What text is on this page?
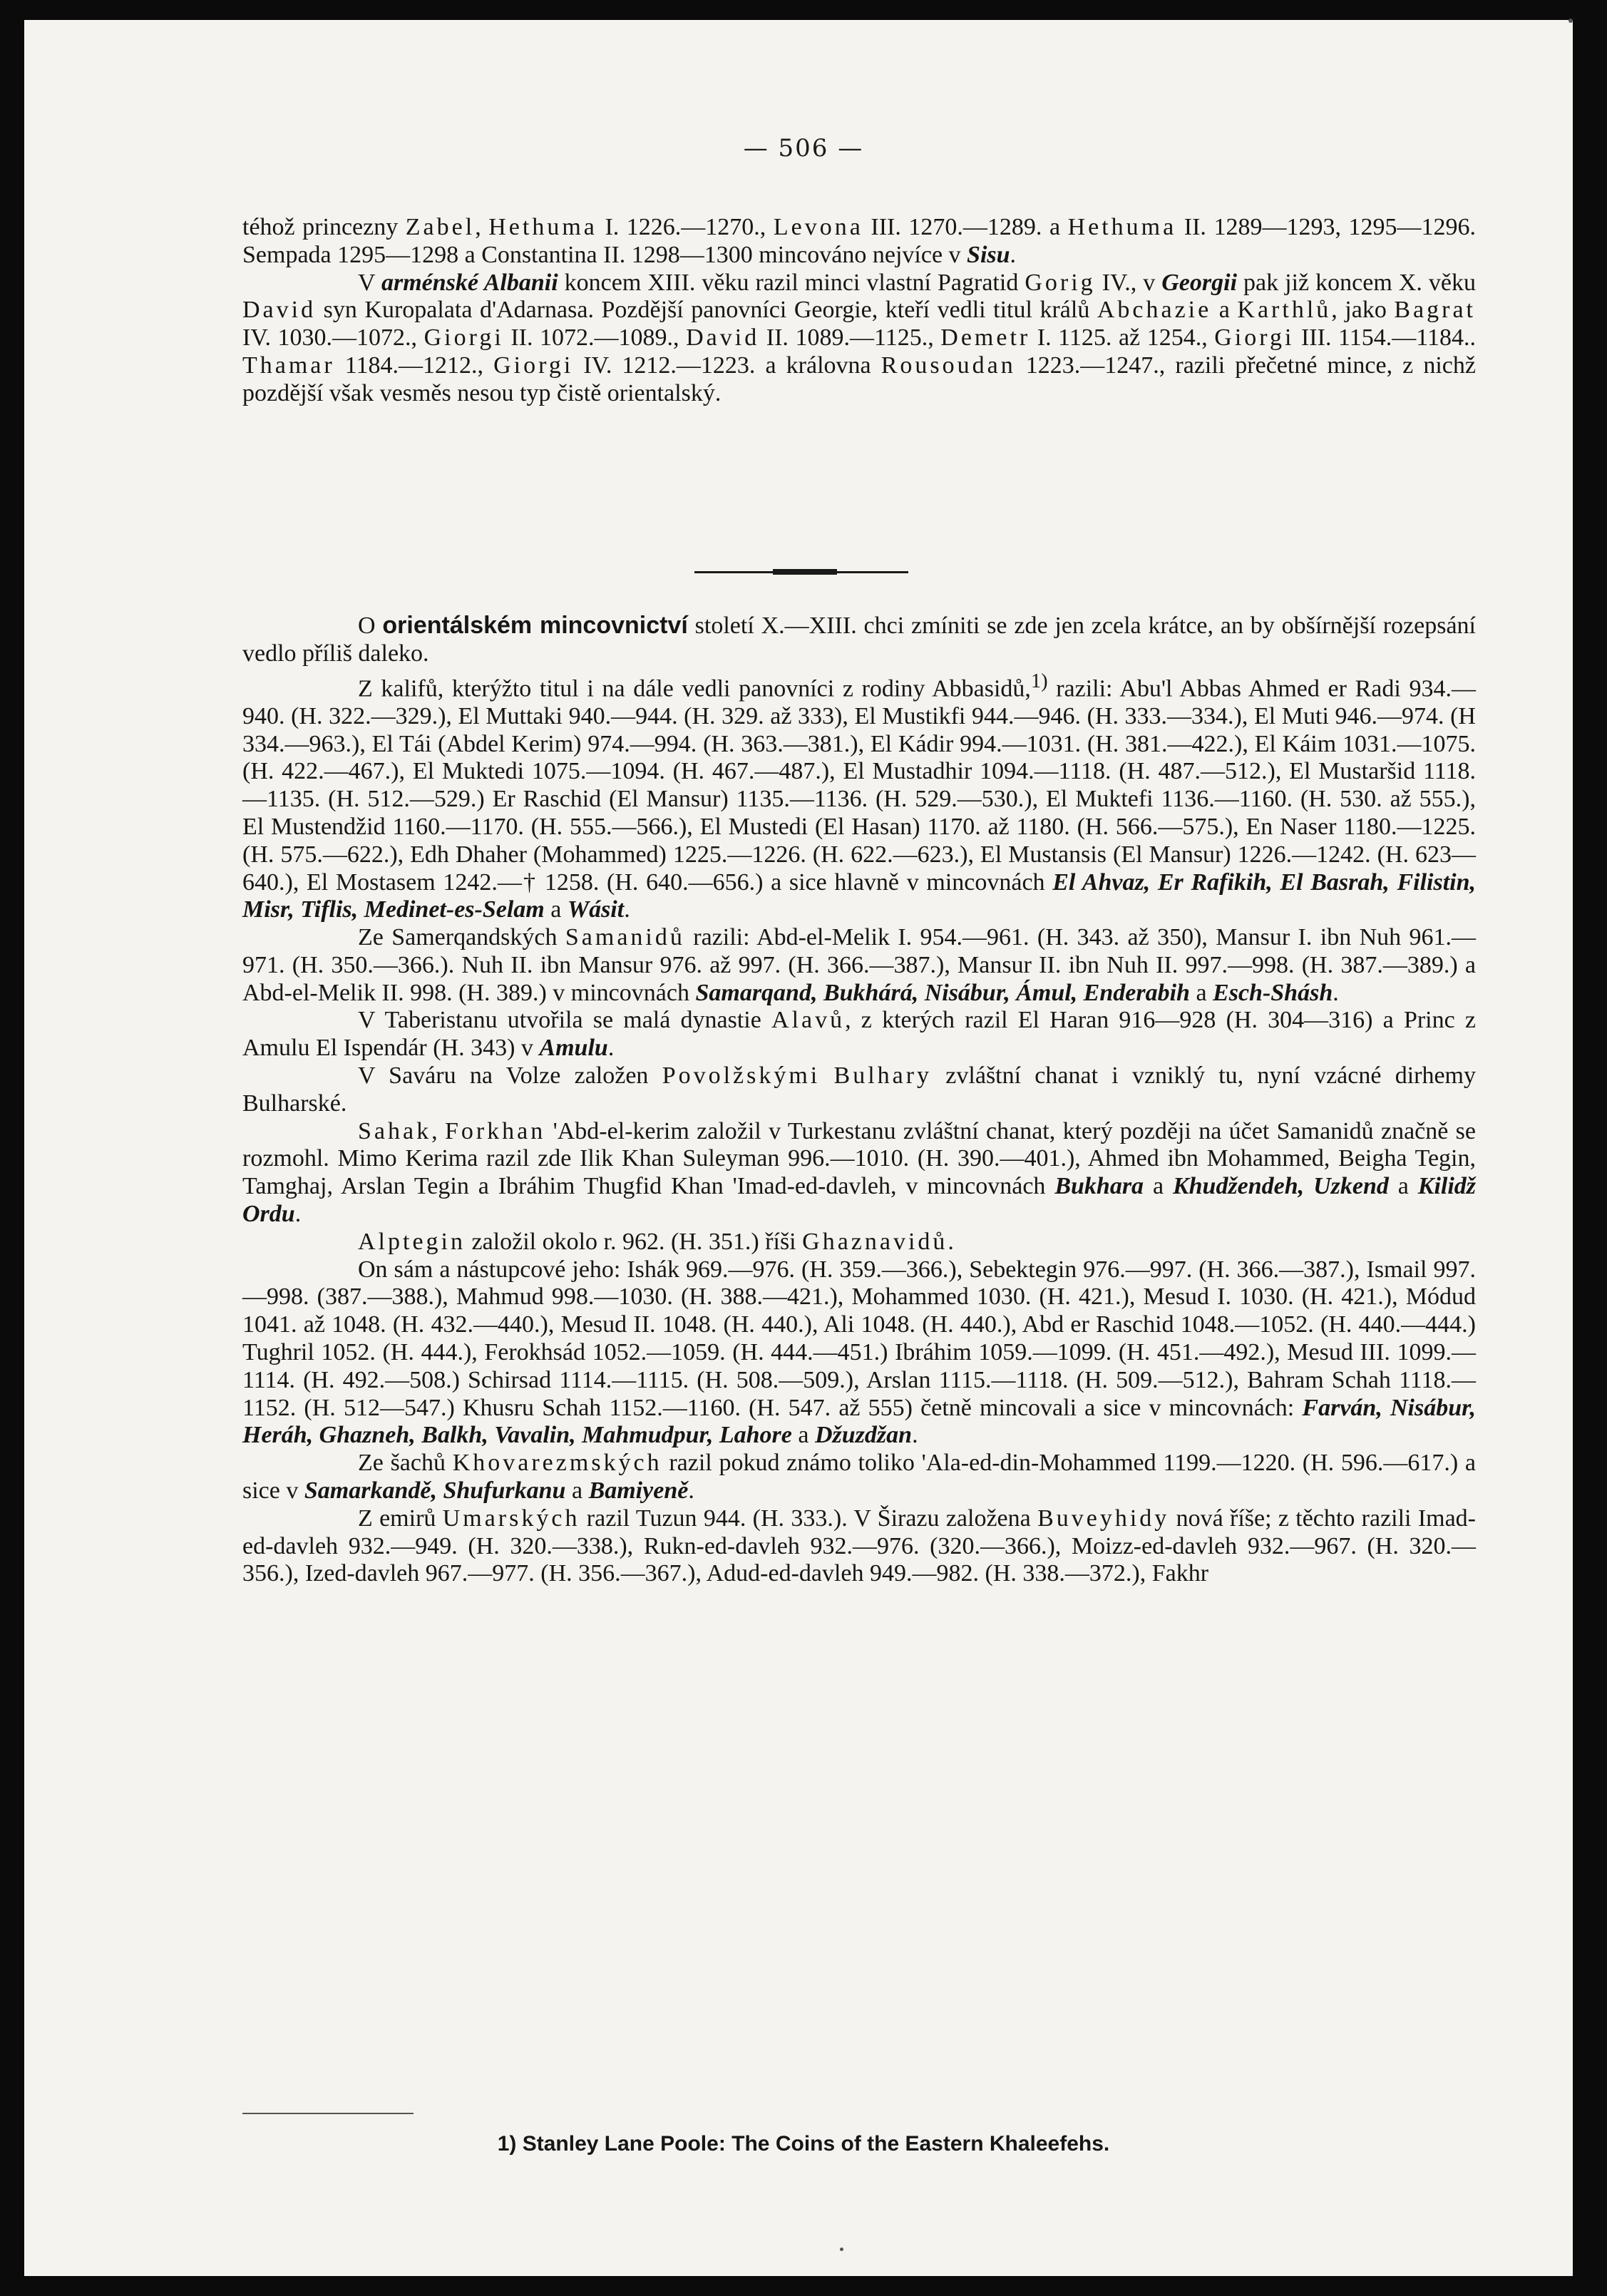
— 506 —

téhož princezny Zabel, Hethuma I. 1226.—1270., Levona III. 1270.—1289. a Hethuma II. 1289—1293, 1295—1296. Sempada 1295—1298 a Constantina II. 1298—1300 mincováno nejvíce v Sisu.

V arménské Albanii koncem XIII. věku razil minci vlastní Pagratid Gorig IV., v Georgii pak již koncem X. věku David syn Kuropalata d'Adarnasa. Pozdější panovníci Georgie, kteří vedli titul králů Abchazie a Karthlů, jako Bagrat IV. 1030.—1072., Giorgi II. 1072.—1089., David II. 1089.—1125., Demetr I. 1125. až 1254., Giorgi III. 1154.—1184.. Thamar 1184.—1212., Giorgi IV. 1212.—1223. a královna Rousoudan 1223.—1247., razili přečetné mince, z nichž pozdější však vesměs nesou typ čistě orientalský.

O orientálském mincovnictví století X.—XIII. chci zmíniti se zde jen zcela krátce, an by obšírnější rozepsání vedlo příliš daleko.

Z kalifů, kterýžto titul i na dále vedli panovníci z rodiny Abbasidů,$^{1)}$ razili: Abu'l Abbas Ahmed er Radi 934.—940. (H. 322.—329.), El Muttaki 940.—944. (H. 329. až 333), El Mustikfi 944.—946. (H. 333.—334.), El Muti 946.—974. (H 334.—963.), El Tái (Abdel Kerim) 974.—994. (H. 363.—381.), El Kádir 994.—1031. (H. 381.—422.), El Káim 1031.—1075. (H. 422.—467.), El Muktedi 1075.—1094. (H. 467.—487.), El Mustadhir 1094.—1118. (H. 487.—512.), El Mustaršid 1118.—1135. (H. 512.—529.) Er Raschid (El Mansur) 1135.—1136. (H. 529.—530.), El Muktefi 1136.—1160. (H. 530. až 555.), El Mustendžid 1160.—1170. (H. 555.—566.), El Mustedi (El Hasan) 1170. až 1180. (H. 566.—575.), En Naser 1180.—1225. (H. 575.—622.), Edh Dhaher (Mohammed) 1225.—1226. (H. 622.—623.), El Mustansis (El Mansur) 1226.—1242. (H. 623—640.), El Mostasem 1242.—† 1258. (H. 640.—656.) a sice hlavně v mincovnách El Ahvaz, Er Rafikih, El Basrah, Filistin, Misr, Tiflis, Medinet-es-Selam a Wásit.

Ze Samerqandských Samanidů razili: Abd-el-Melik I. 954.—961. (H. 343. až 350), Mansur I. ibn Nuh 961.—971. (H. 350.—366.). Nuh II. ibn Mansur 976. až 997. (H. 366.—387.), Mansur II. ibn Nuh II. 997.—998. (H. 387.—389.) a Abd-el-Melik II. 998. (H. 389.) v mincovnách Samarqand, Bukhárá, Nisábur, Ámul, Enderabih a Esch-Shásh.

V Taberistanu utvořila se malá dynastie Alavů, z kterých razil El Haran 916—928 (H. 304—316) a Princ z Amulu El Ispendár (H. 343) v Amulu.

V Saváru na Volze založen Povolžskými Bulhary zvláštní chanat i vzniklý tu, nyní vzácné dirhemy Bulharské.

Sahak, Forkhan 'Abd-el-kerim založil v Turkestanu zvláštní chanat, který později na účet Samanidů značně se rozmohl. Mimo Kerima razil zde Ilik Khan Suleyman 996.—1010. (H. 390.—401.), Ahmed ibn Mohammed, Beigha Tegin, Tamghaj, Arslan Tegin a Ibráhim Thugfid Khan 'Imad-ed-davleh, v mincovnách Bukhara a Khudžendeh, Uzkend a Kilidž Ordu.

Alptegin založil okolo r. 962. (H. 351.) říši Ghaznavidů.

On sám a nástupcové jeho: Ishák 969.—976. (H. 359.—366.), Sebektegin 976.—997. (H. 366.—387.), Ismail 997.—998. (387.—388.), Mahmud 998.—1030. (H. 388.—421.), Mohammed 1030. (H. 421.), Mesud I. 1030. (H. 421.), Módud 1041. až 1048. (H. 432.—440.), Mesud II. 1048. (H. 440.), Ali 1048. (H. 440.), Abd er Raschid 1048.—1052. (H. 440.—444.) Tughril 1052. (H. 444.), Ferokhsád 1052.—1059. (H. 444.—451.) Ibráhim 1059.—1099. (H. 451.—492.), Mesud III. 1099.—1114. (H. 492.—508.) Schirsad 1114.—1115. (H. 508.—509.), Arslan 1115.—1118. (H. 509.—512.), Bahram Schah 1118.—1152. (H. 512—547.) Khusru Schah 1152.—1160. (H. 547. až 555) četně mincovali a sice v mincovnách: Farván, Nisábur, Heráh, Ghazneh, Balkh, Vavalin, Mahmudpur, Lahore a Džuzdžan.

Ze šachů Khovarezmských razil pokud známo toliko 'Ala-ed-din-Mohammed 1199.—1220. (H. 596.—617.) a sice v Samarkandě, Shufurkanu a Bamiyeně.

Z emirů Umarských razil Tuzun 944. (H. 333.). V Širazu založena Buveyhidy nová říše; z těchto razili Imad-ed-davleh 932.—949. (H. 320.—338.), Rukn-ed-davleh 932.—976. (320.—366.), Moizz-ed-davleh 932.—967. (H. 320.—356.), Ized-davleh 967.—977. (H. 356.—367.), Adud-ed-davleh 949.—982. (H. 338.—372.), Fakhr

1) Stanley Lane Poole: The Coins of the Eastern Khaleefehs.
